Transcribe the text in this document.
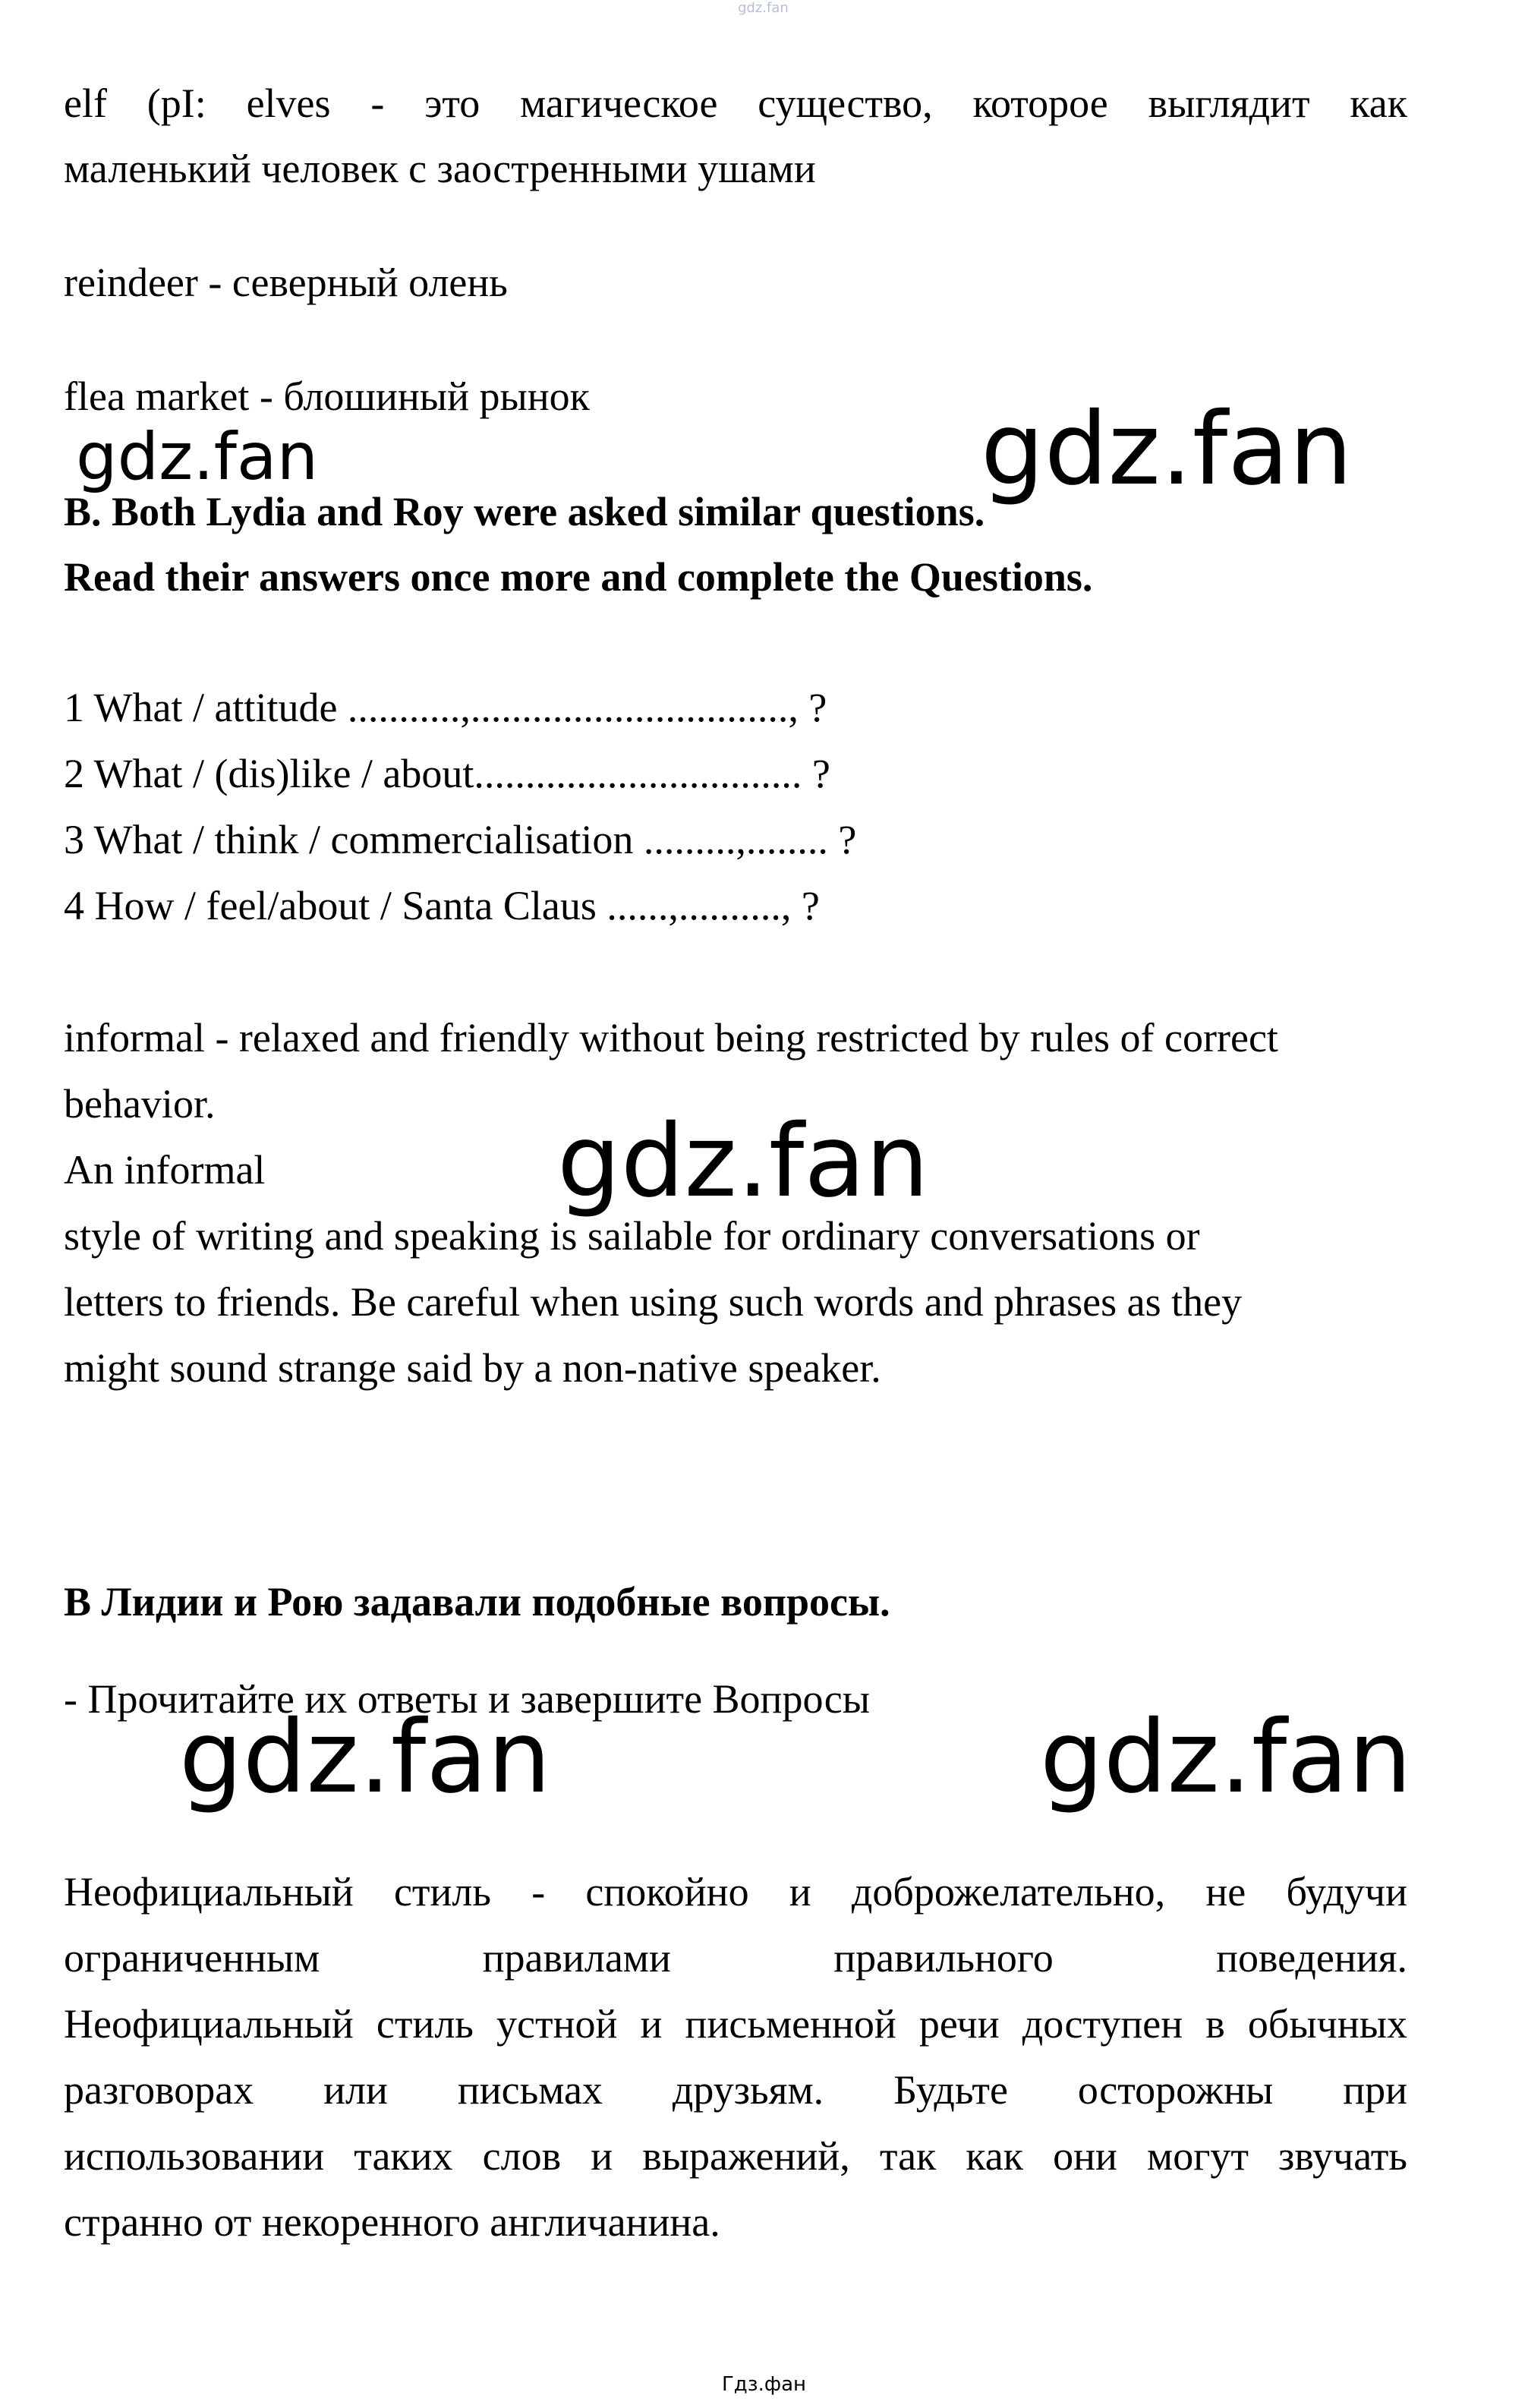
gdz.fan
elf (pI: elves - это магическое существо, которое выглядит как
маленький человек с заостренными ушами
reindeer - северный олень
flea market - блошиный рынок
gdz.fan	gdz.fan
B. Both Lydia and Roy were asked similar questions.
Read their answers once more and complete the Questions.
1 What / attitude ...........,..............................., ?
2 What / (dis)like / about................................ ?
3 What / think / commercialisation .........,........ ?
4 How / feel/about / Santa Claus ......,.........., ?
informal - relaxed and friendly without being restricted by rules of correct
behavior.
An informal	gdz.fan
style of writing and speaking is sailable for ordinary conversations or
letters to friends. Be careful when using such words and phrases as they
might sound strange said by a non-native speaker.
В Лидии и Рою задавали подобные вопросы.
- Прочитайте их ответы и завершите Вопросы
gdz.fan	gdz.fan
Неофициальный стиль - спокойно и доброжелательно, не будучи
ограниченным правилами правильного поведения.
Неофициальный стиль устной и письменной речи доступен в обычных
разговорах или письмах друзьям. Будьте осторожны при
использовании таких слов и выражений, так как они могут звучать
странно от некоренного англичанина.
Гдз.фан
